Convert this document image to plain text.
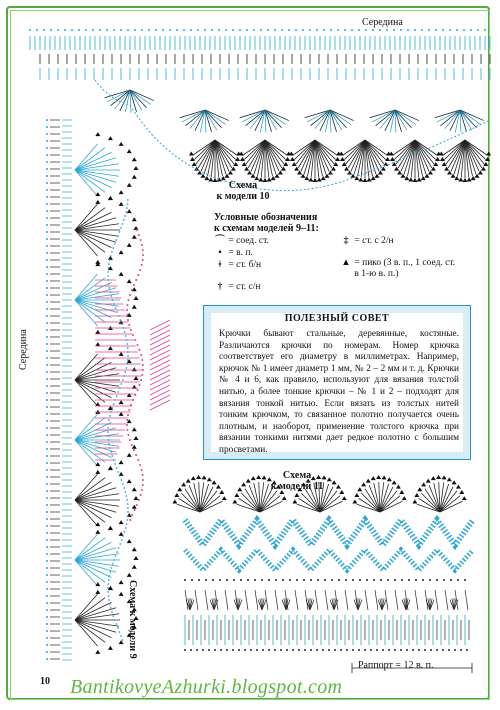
Середина
Середина
Схема
к модели 10
Условные обозначения
к схемам моделей 9–11:
⌒ = соед. ст.
• = в. п.
ǂ = ст. б/н
† = ст. с/н
‡ = ст. с 2/н
▲ = пико (3 в. п., 1 соед. ст.
в 1-ю в. п.)
ПОЛЕЗНЫЙ СОВЕТ
Крючки бывают стальные, деревянные, костяные. Различаются крючки по номерам. Номер крючка соответствует его диаметру в миллиметрах. Например, крючок № 1 имеет диаметр 1 мм, № 2 – 2 мм и т. д. Крючки № 4 и 6, как правило, используют для вязания толстой нитью, а более тонкие крючки – № 1 и 2 – подходят для вязания тонкой нитью. Если вязать из толстых нитей тонким крючком, то связанное полотно получается очень плотным, и наоборот, применение толстого крючка при вязании тонкими нитями дает редкое полотно с большим просветами.
Схема
к модели 11
Схема к модели 9
Раппорт = 12 в. п.
10 BantikovyeAzhurki.blogspot.com
